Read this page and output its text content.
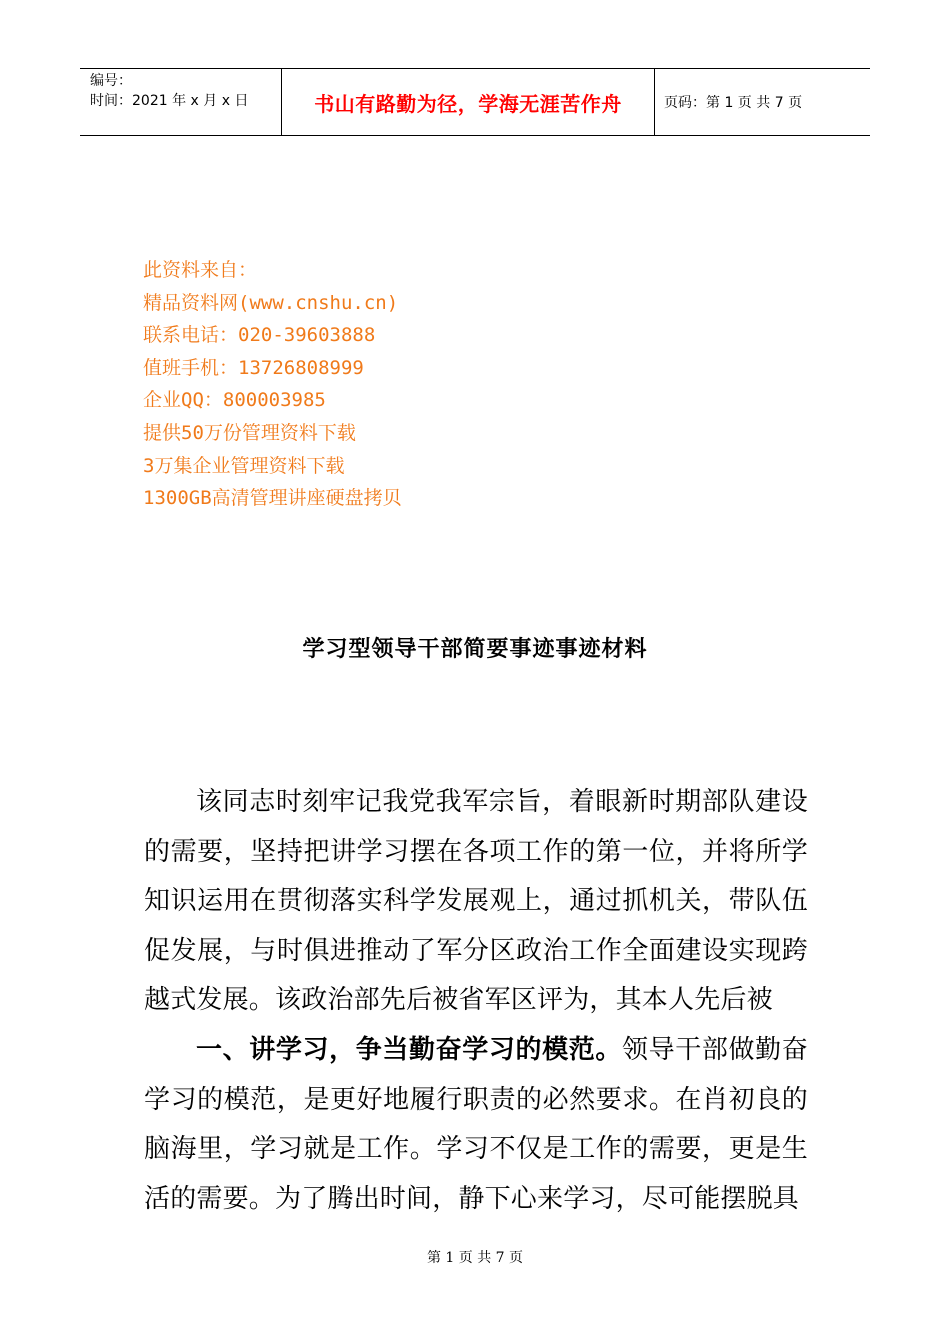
编号：
时间：2021 年 x 月 x 日	书山有路勤为径，学海无涯苦作舟	页码：第 1 页 共 7 页
此资料来自：
精品资料网(www.cnshu.cn)
联系电话：020-39603888
值班手机：13726808999
企业QQ：800003985
提供50万份管理资料下载
3万集企业管理资料下载
1300GB高清管理讲座硬盘拷贝
学习型领导干部简要事迹事迹材料

该同志时刻牢记我党我军宗旨，着眼新时期部队建设的需要，坚持把讲学习摆在各项工作的第一位，并将所学知识运用在贯彻落实科学发展观上，通过抓机关，带队伍促发展，与时俱进推动了军分区政治工作全面建设实现跨越式发展。该政治部先后被省军区评为，其本人先后被

一、讲学习，争当勤奋学习的模范。领导干部做勤奋学习的模范，是更好地履行职责的必然要求。在肖初良的脑海里，学习就是工作。学习不仅是工作的需要，更是生活的需要。为了腾出时间，静下心来学习，尽可能摆脱具

第 1 页 共 7 页
